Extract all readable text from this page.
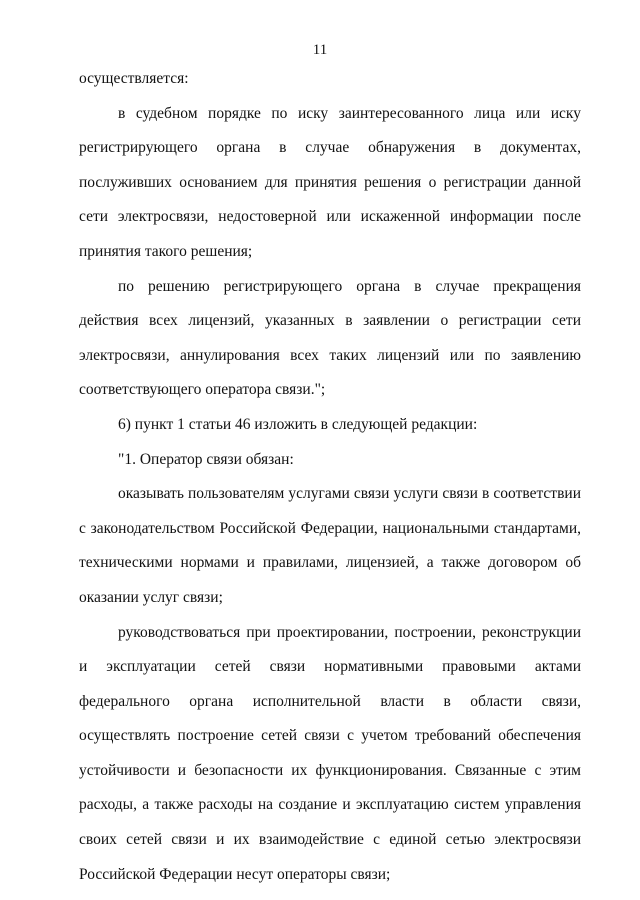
11

осуществляется:

в судебном порядке по иску заинтересованного лица или иску регистрирующего органа в случае обнаружения в документах, послуживших основанием для принятия решения о регистрации данной сети электросвязи, недостоверной или искаженной информации после принятия такого решения;

по решению регистрирующего органа в случае прекращения действия всех лицензий, указанных в заявлении о регистрации сети электросвязи, аннулирования всех таких лицензий или по заявлению соответствующего оператора связи.";

6) пункт 1 статьи 46 изложить в следующей редакции:

"1. Оператор связи обязан:

оказывать пользователям услугами связи услуги связи в соответствии с законодательством Российской Федерации, национальными стандартами, техническими нормами и правилами, лицензией, а также договором об оказании услуг связи;

руководствоваться при проектировании, построении, реконструкции и эксплуатации сетей связи нормативными правовыми актами федерального органа исполнительной власти в области связи, осуществлять построение сетей связи с учетом требований обеспечения устойчивости и безопасности их функционирования. Связанные с этим расходы, а также расходы на создание и эксплуатацию систем управления своих сетей связи и их взаимодействие с единой сетью электросвязи Российской Федерации несут операторы связи;
